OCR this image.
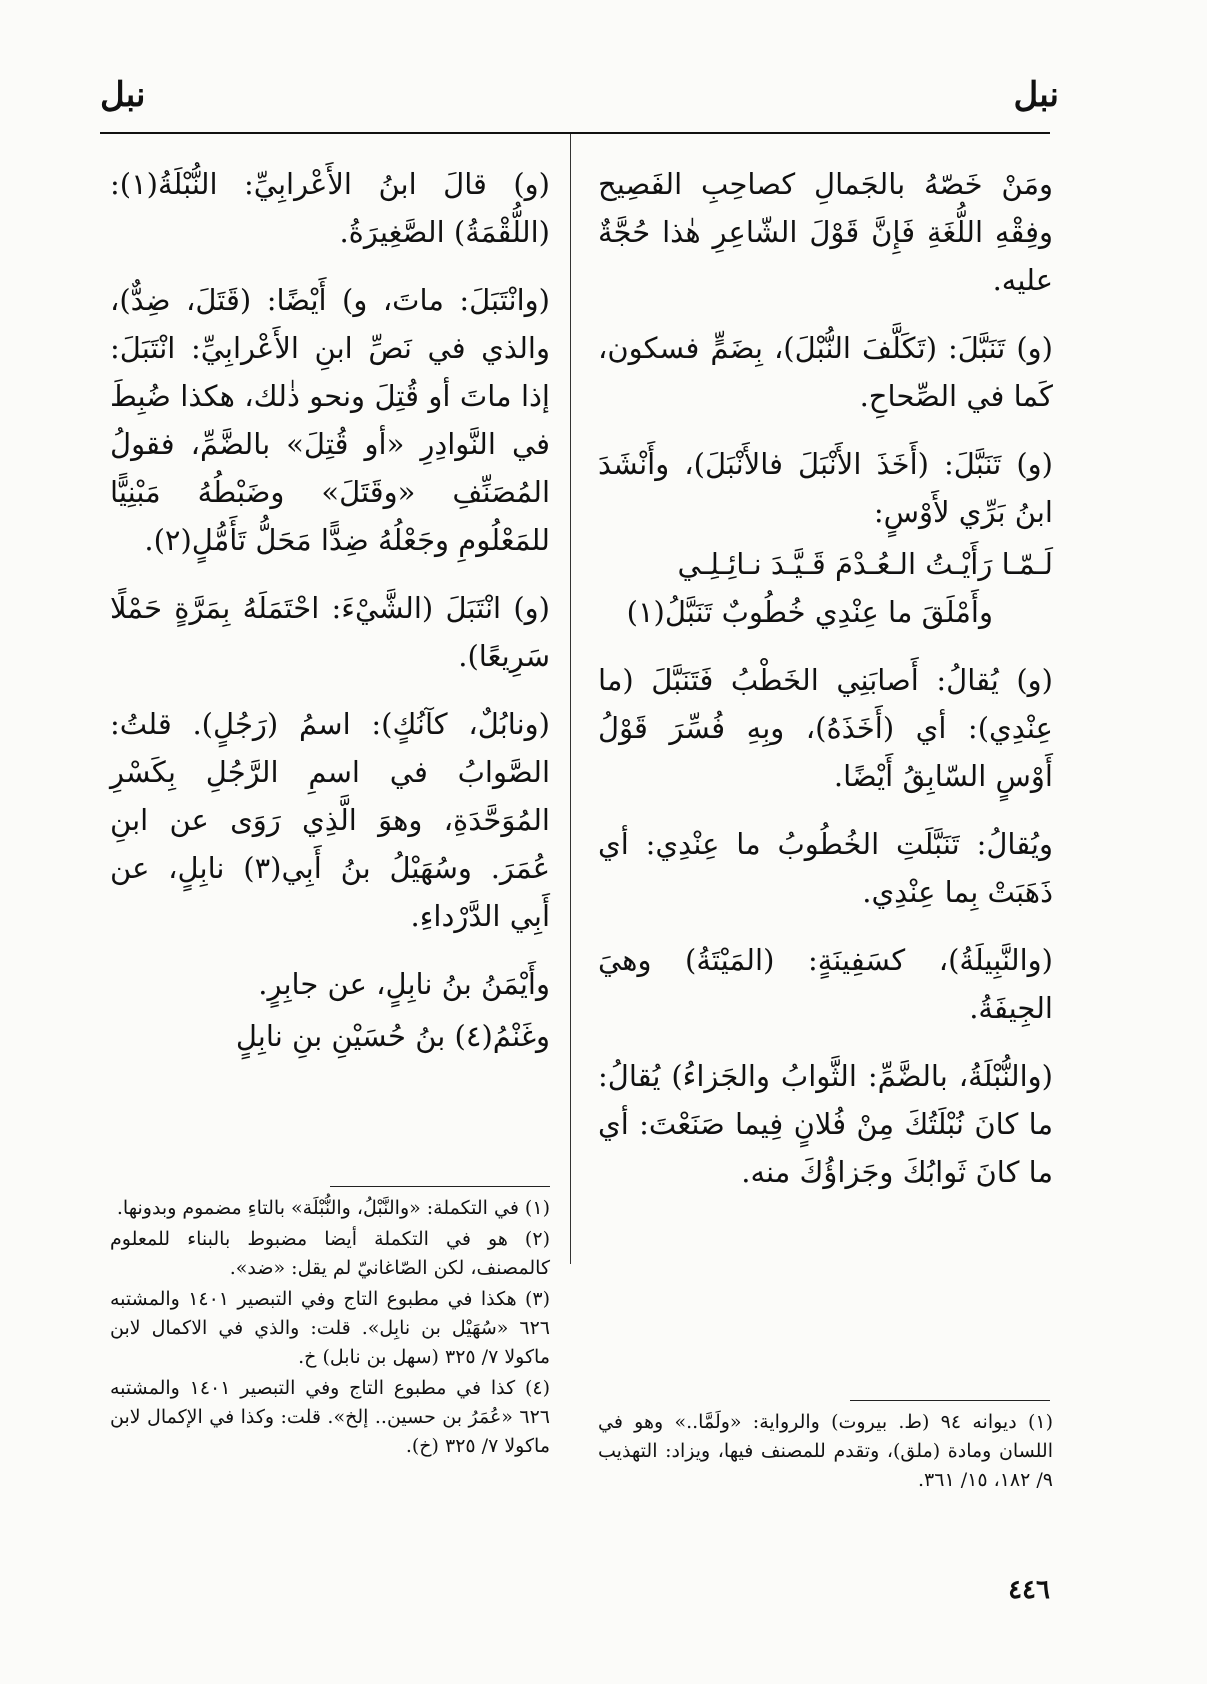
نبل
نبل

ومَنْ خَصّهُ بالجَمالِ كصاحِبِ الفَصِيح وفِقْهِ اللُّغَةِ فَإِنَّ قَوْلَ الشّاعِرِ هٰذا حُجَّةٌ عليه.

(و) تَنَبَّلَ: (تَكَلَّفَ النُّبْلَ)، بِضَمٍّ فسكون، كَما في الصِّحاحِ.

(و) تَنَبَّلَ: (أَخَذَ الأَنْبَلَ فالأَنْبَلَ)، وأَنْشَدَ ابنُ بَرِّي لأَوْسٍ:

لَـمّـا رَأَيْـتُ الـعُـدْمَ قَـيَّـدَ نـائِـلِـي
وأَمْلَقَ ما عِنْدِي خُطُوبٌ تَنَبَّلُ(١)

(و) يُقالُ: أَصابَنِي الخَطْبُ فَتَنَبَّلَ (ما عِنْدِي): أي (أَخَذَهُ)، وبِهِ فُسِّرَ قَوْلُ أَوْسٍ السّابِقُ أَيْضًا.

ويُقالُ: تَنَبَّلَتِ الخُطُوبُ ما عِنْدِي: أي ذَهَبَتْ بِما عِنْدِي.

(والنَّبِيلَةُ)، كسَفِينَةٍ: (المَيْتَةُ) وهيَ الجِيفَةُ.

(والنُّبْلَةُ، بالضَّمِّ: الثَّوابُ والجَزاءُ) يُقالُ: ما كانَ نُبْلَتُكَ مِنْ فُلانٍ فِيما صَنَعْتَ: أي ما كانَ ثَوابُكَ وجَزاؤُكَ منه.

(و) قالَ ابنُ الأَعْرابِيِّ: النُّبْلَةُ(١): (اللُّقْمَةُ) الصَّغِيرَةُ.

(وانْتَبَلَ: ماتَ، و) أَيْضًا: (قَتَلَ، ضِدٌّ)، والذي في نَصِّ ابنِ الأَعْرابِيِّ: انْتَبَلَ: إذا ماتَ أو قُتِلَ ونحو ذٰلك، هكذا ضُبِطَ في النَّوادِرِ «أو قُتِلَ» بالضَّمِّ، فقولُ المُصَنِّفِ «وقَتَلَ» وضَبْطُهُ مَبْنِيًّا للمَعْلُومِ وجَعْلُهُ ضِدًّا مَحَلُّ تَأَمُّلٍ(٢).

(و) انْتَبَلَ (الشَّيْءَ: احْتَمَلَهُ بِمَرَّةٍ حَمْلًا سَرِيعًا).

(ونابُلٌ، كآنُكٍ): اسمُ (رَجُلٍ). قلتُ: الصَّوابُ في اسمِ الرَّجُلِ بِكَسْرِ المُوَحَّدَةِ، وهوَ الَّذِي رَوَى عن ابنِ عُمَرَ. وسُهَيْلُ بنُ أَبِي(٣) نابِلٍ، عن أَبِي الدَّرْداءِ.

وأَيْمَنُ بنُ نابِلٍ، عن جابِرٍ.

وغَنْمُ(٤) بنُ حُسَيْنِ بنِ نابِلٍ

(١) في التكملة: «والنَّبْلُ، والنُّبْلَة» بالتاءِ مضموم وبدونها.

(٢) هو في التكملة أيضا مضبوط بالبناء للمعلوم كالمصنف، لكن الصّاغانيّ لم يقل: «ضد».

(٣) هكذا في مطبوع التاج وفي التبصير ١٤٠١ والمشتبه ٦٢٦ «سُهَيْل بن نابِل». قلت: والذي في الاكمال لابن ماكولا ٧/ ٣٢٥ (سهل بن نابل) خ.

(٤) كذا في مطبوع التاج وفي التبصير ١٤٠١ والمشتبه ٦٢٦ «عُمَرُ بن حسين.. إلخ». قلت: وكذا في الإكمال لابن ماكولا ٧/ ٣٢٥ (خ).

(١) ديوانه ٩٤ (ط. بيروت) والرواية: «ولَمَّا..» وهو في اللسان ومادة (ملق)، وتقدم للمصنف فيها، ويزاد: التهذيب ٩/ ١٨٢، ١٥/ ٣٦١.

٤٤٦
